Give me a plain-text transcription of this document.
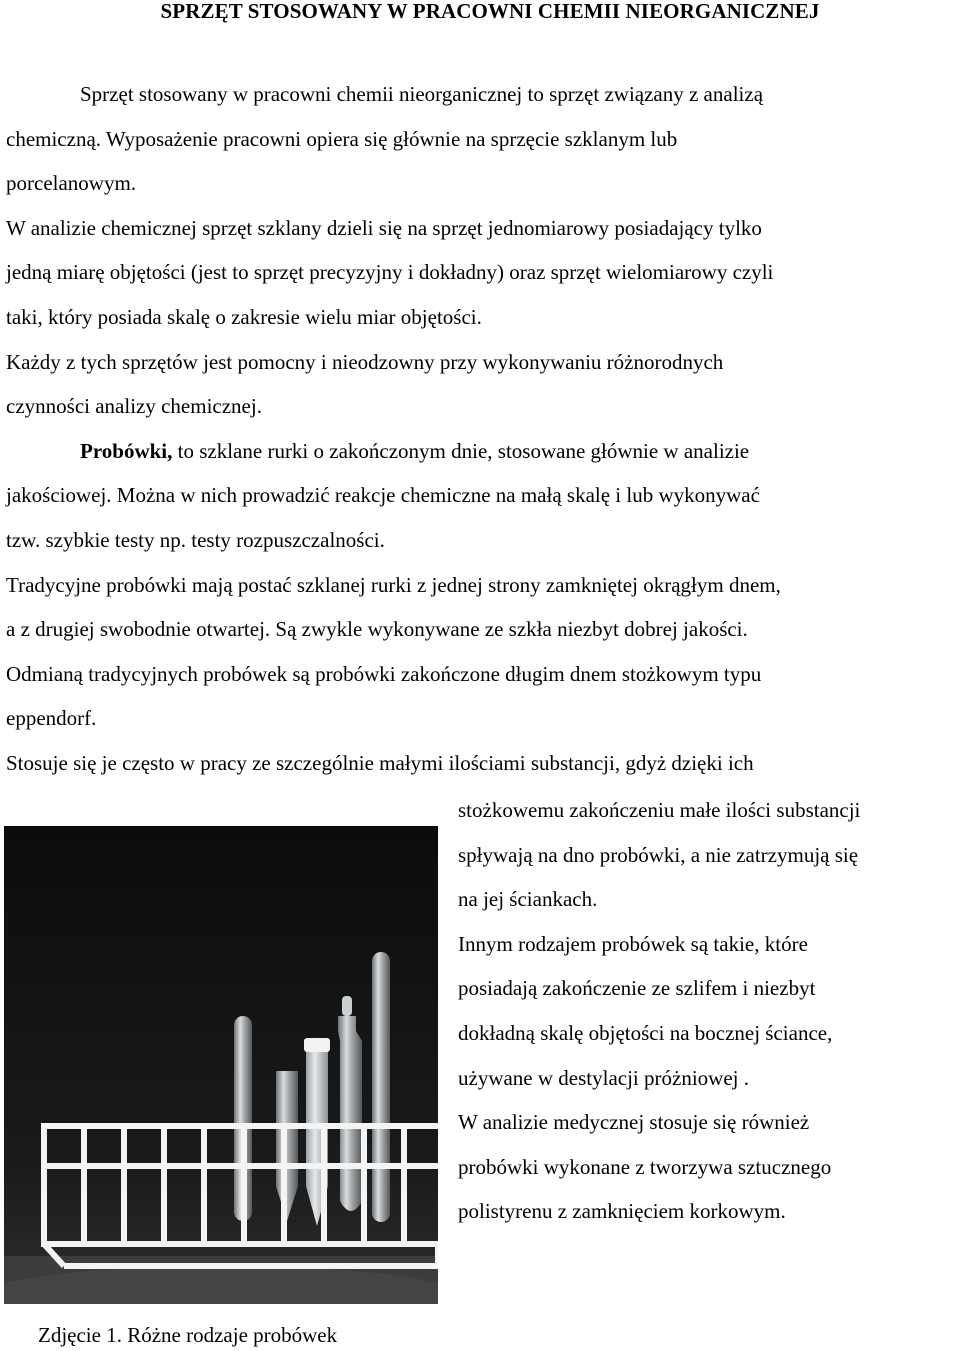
SPRZĘT STOSOWANY W PRACOWNI CHEMII NIEORGANICZNEJ
Sprzęt stosowany w pracowni chemii nieorganicznej to sprzęt związany z analizą
chemiczną. Wyposażenie pracowni opiera się głównie na sprzęcie szklanym lub
porcelanowym.
W analizie chemicznej sprzęt szklany dzieli się na sprzęt jednomiarowy posiadający tylko
jedną miarę objętości (jest to sprzęt precyzyjny i dokładny) oraz sprzęt wielomiarowy czyli
taki, który posiada skalę o zakresie wielu miar objętości.
Każdy z tych sprzętów jest pomocny i nieodzowny przy wykonywaniu różnorodnych
czynności analizy chemicznej.
Probówki, to szklane rurki o zakończonym dnie, stosowane głównie w analizie
jakościowej. Można w nich prowadzić reakcje chemiczne na małą skalę i lub wykonywać
tzw. szybkie testy np. testy rozpuszczalności.
Tradycyjne probówki mają postać szklanej rurki z jednej strony zamkniętej okrągłym dnem,
a z drugiej swobodnie otwartej. Są zwykle wykonywane ze szkła niezbyt dobrej jakości.
Odmianą tradycyjnych probówek są probówki zakończone długim dnem stożkowym typu
eppendorf.
Stosuje się je często w pracy ze szczególnie małymi ilościami substancji, gdyż dzięki ich
stożkowemu zakończeniu małe ilości substancji
spływają na dno probówki, a nie zatrzymują się
na jej ściankach.
Innym rodzajem probówek są takie, które
posiadają zakończenie ze szlifem i niezbyt
dokładną skalę objętości na bocznej ściance,
używane w destylacji próżniowej .
W analizie medycznej stosuje się również
probówki wykonane z tworzywa sztucznego
polistyrenu z zamknięciem korkowym.
Zdjęcie 1. Różne rodzaje probówek
